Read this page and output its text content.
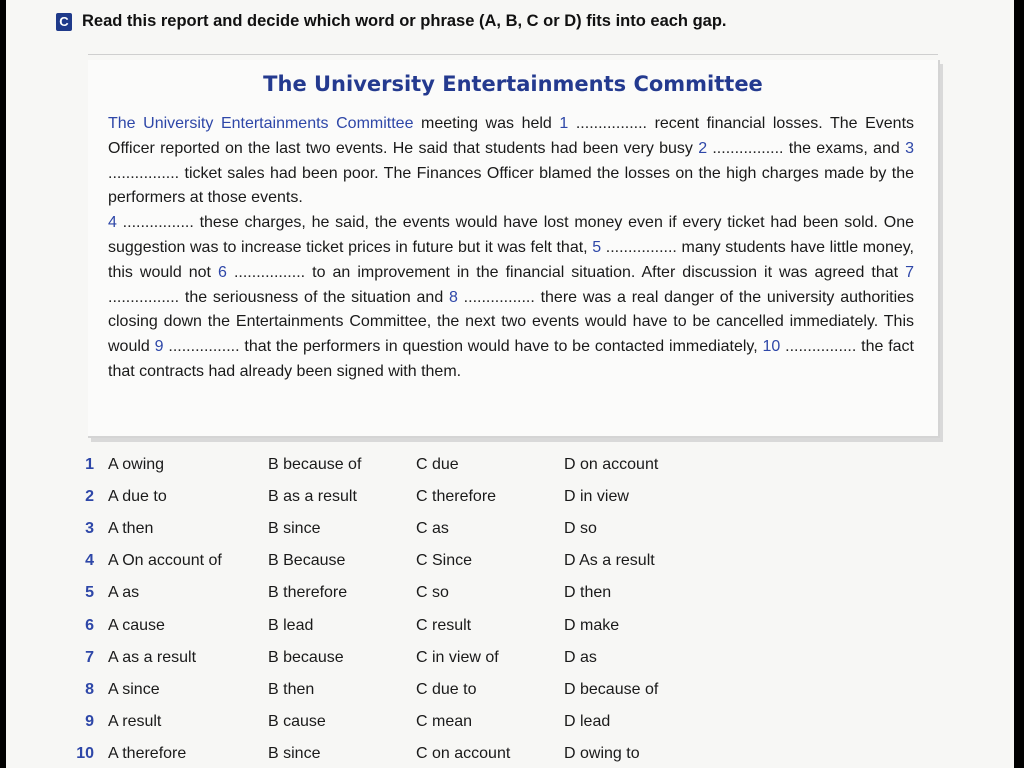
C Read this report and decide which word or phrase (A, B, C or D) fits into each gap.
The University Entertainments Committee
The University Entertainments Committee meeting was held 1 ................ recent financial losses. The Events Officer reported on the last two events. He said that students had been very busy 2 ................ the exams, and 3 ................ ticket sales had been poor. The Finances Officer blamed the losses on the high charges made by the performers at those events.
4 ................ these charges, he said, the events would have lost money even if every ticket had been sold. One suggestion was to increase ticket prices in future but it was felt that, 5 ................ many students have little money, this would not 6 ................ to an improvement in the financial situation. After discussion it was agreed that 7 ................ the seriousness of the situation and 8 ................ there was a real danger of the university authorities closing down the Entertainments Committee, the next two events would have to be cancelled immediately. This would 9 ................ that the performers in question would have to be contacted immediately, 10 ................ the fact that contracts had already been signed with them.
1 A owing	B because of	C due	D on account
2 A due to	B as a result	C therefore	D in view
3 A then	B since	C as	D so
4 A On account of	B Because	C Since	D As a result
5 A as	B therefore	C so	D then
6 A cause	B lead	C result	D make
7 A as a result	B because	C in view of	D as
8 A since	B then	C due to	D because of
9 A result	B cause	C mean	D lead
10 A therefore	B since	C on account	D owing to
